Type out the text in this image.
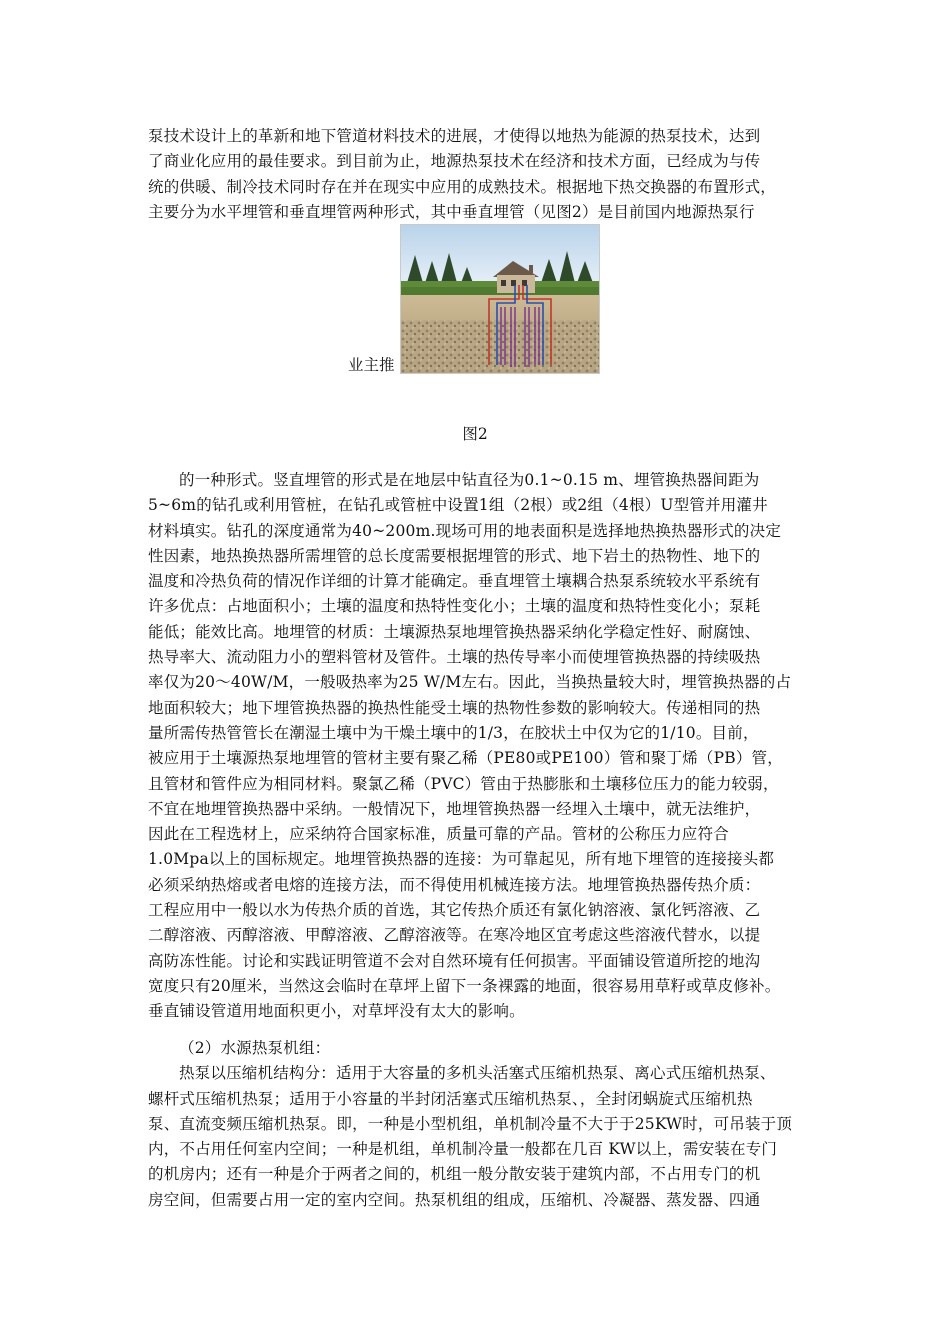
泵技术设计上的革新和地下管道材料技术的进展，才使得以地热为能源的热泵技术，达到
了商业化应用的最佳要求。到目前为止，地源热泵技术在经济和技术方面，已经成为与传
统的供暖、制冷技术同时存在并在现实中应用的成熟技术。根据地下热交换器的布置形式，
主要分为水平埋管和垂直埋管两种形式，其中垂直埋管（见图2）是目前国内地源热泵行
业主推
图2
的一种形式。竖直埋管的形式是在地层中钻直径为0.1~0.15 m、埋管换热器间距为
5~6m的钻孔或利用管桩，在钻孔或管桩中设置1组（2根）或2组（4根）U型管并用灌井
材料填实。钻孔的深度通常为40~200m.现场可用的地表面积是选择地热换热器形式的决定
性因素，地热换热器所需埋管的总长度需要根据埋管的形式、地下岩土的热物性、地下的
温度和冷热负荷的情况作详细的计算才能确定。垂直埋管土壤耦合热泵系统较水平系统有
许多优点：占地面积小；土壤的温度和热特性变化小；土壤的温度和热特性变化小；泵耗
能低；能效比高。地埋管的材质：土壤源热泵地埋管换热器采纳化学稳定性好、耐腐蚀、
热导率大、流动阻力小的塑料管材及管件。土壤的热传导率小而使埋管换热器的持续吸热
率仅为20～40W/M，一般吸热率为25 W/M左右。因此，当换热量较大时，埋管换热器的占
地面积较大；地下埋管换热器的换热性能受土壤的热物性参数的影响较大。传递相同的热
量所需传热管管长在潮湿土壤中为干燥土壤中的1/3，在胶状土中仅为它的1/10。目前，
被应用于土壤源热泵地埋管的管材主要有聚乙稀（PE80或PE100）管和聚丁烯（PB）管，
且管材和管件应为相同材料。聚氯乙稀（PVC）管由于热膨胀和土壤移位压力的能力较弱，
不宜在地埋管换热器中采纳。一般情况下，地埋管换热器一经埋入土壤中，就无法维护，
因此在工程选材上，应采纳符合国家标准，质量可靠的产品。管材的公称压力应符合
1.0Mpa以上的国标规定。地埋管换热器的连接：为可靠起见，所有地下埋管的连接接头都
必须采纳热熔或者电熔的连接方法，而不得使用机械连接方法。地埋管换热器传热介质：
工程应用中一般以水为传热介质的首选，其它传热介质还有氯化钠溶液、氯化钙溶液、乙
二醇溶液、丙醇溶液、甲醇溶液、乙醇溶液等。在寒冷地区宜考虑这些溶液代替水，以提
高防冻性能。讨论和实践证明管道不会对自然环境有任何损害。平面铺设管道所挖的地沟
宽度只有20厘米，当然这会临时在草坪上留下一条裸露的地面，很容易用草籽或草皮修补。
垂直铺设管道用地面积更小，对草坪没有太大的影响。
（2）水源热泵机组：
热泵以压缩机结构分：适用于大容量的多机头活塞式压缩机热泵、离心式压缩机热泵、
螺杆式压缩机热泵；适用于小容量的半封闭活塞式压缩机热泵、，全封闭蜗旋式压缩机热
泵、直流变频压缩机热泵。即，一种是小型机组，单机制冷量不大于于25KW时，可吊装于顶
内，不占用任何室内空间；一种是机组，单机制冷量一般都在几百 KW以上，需安装在专门
的机房内；还有一种是介于两者之间的，机组一般分散安装于建筑内部，不占用专门的机
房空间，但需要占用一定的室内空间。热泵机组的组成，压缩机、冷凝器、蒸发器、四通
